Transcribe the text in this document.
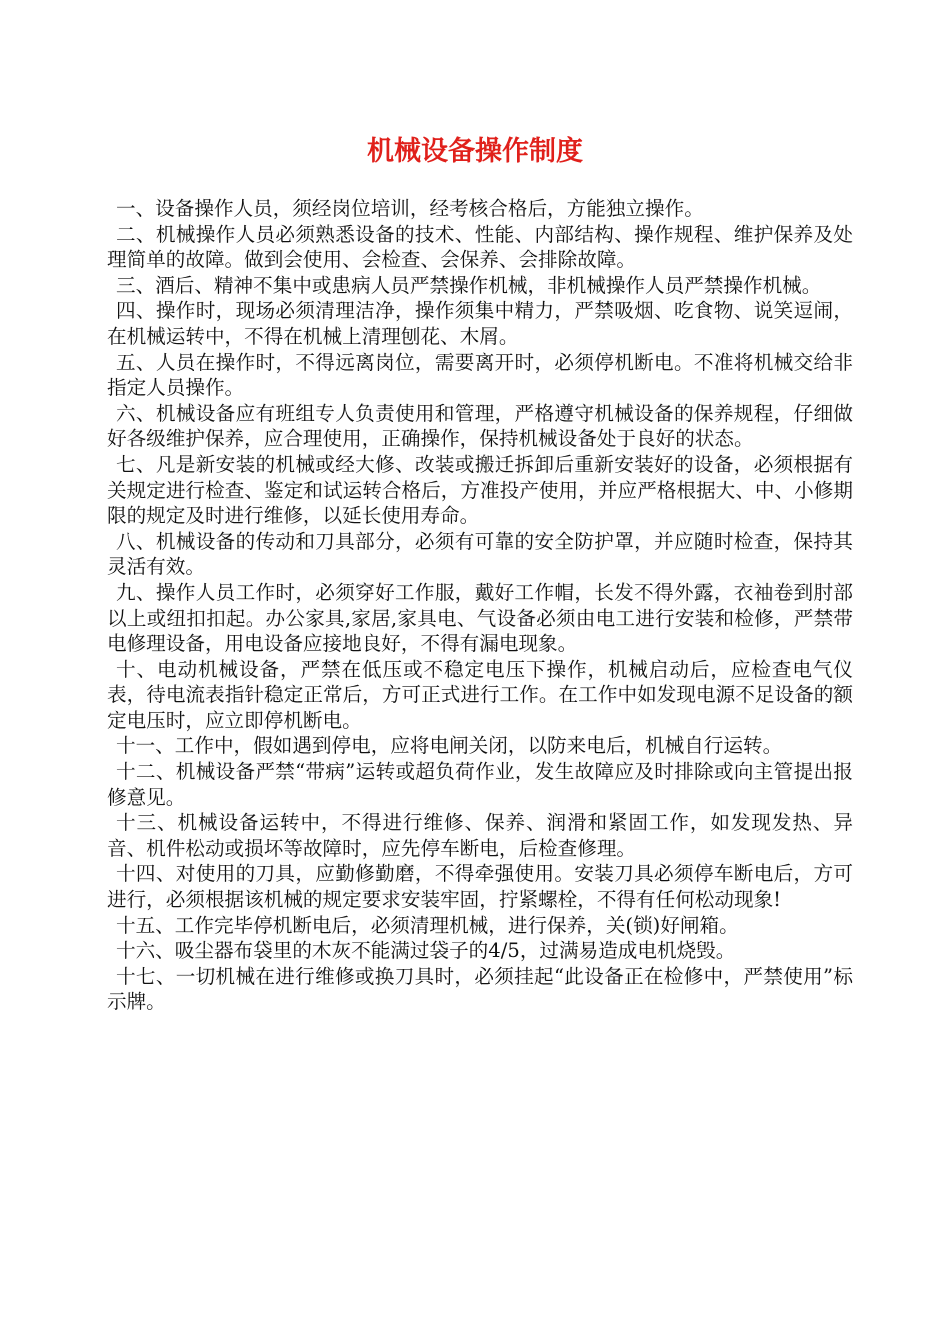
机械设备操作制度

一、设备操作人员，须经岗位培训，经考核合格后，方能独立操作。

二、机械操作人员必须熟悉设备的技术、性能、内部结构、操作规程、维护保养及处理简单的故障。做到会使用、会检查、会保养、会排除故障。

三、酒后、精神不集中或患病人员严禁操作机械，非机械操作人员严禁操作机械。

四、操作时，现场必须清理洁净，操作须集中精力，严禁吸烟、吃食物、说笑逗闹，在机械运转中，不得在机械上清理刨花、木屑。

五、人员在操作时，不得远离岗位，需要离开时，必须停机断电。不准将机械交给非指定人员操作。

六、机械设备应有班组专人负责使用和管理，严格遵守机械设备的保养规程，仔细做好各级维护保养，应合理使用，正确操作，保持机械设备处于良好的状态。

七、凡是新安装的机械或经大修、改装或搬迁拆卸后重新安装好的设备，必须根据有关规定进行检查、鉴定和试运转合格后，方准投产使用，并应严格根据大、中、小修期限的规定及时进行维修，以延长使用寿命。

八、机械设备的传动和刀具部分，必须有可靠的安全防护罩，并应随时检查，保持其灵活有效。

九、操作人员工作时，必须穿好工作服，戴好工作帽，长发不得外露，衣袖卷到肘部以上或纽扣扣起。办公家具,家居,家具电、气设备必须由电工进行安装和检修，严禁带电修理设备，用电设备应接地良好，不得有漏电现象。

十、电动机械设备，严禁在低压或不稳定电压下操作，机械启动后，应检查电气仪表，待电流表指针稳定正常后，方可正式进行工作。在工作中如发现电源不足设备的额定电压时，应立即停机断电。

十一、工作中，假如遇到停电，应将电闸关闭，以防来电后，机械自行运转。

十二、机械设备严禁“带病”运转或超负荷作业，发生故障应及时排除或向主管提出报修意见。

十三、机械设备运转中，不得进行维修、保养、润滑和紧固工作，如发现发热、异音、机件松动或损坏等故障时，应先停车断电，后检查修理。

十四、对使用的刀具，应勤修勤磨，不得牵强使用。安装刀具必须停车断电后，方可进行，必须根据该机械的规定要求安装牢固，拧紧螺栓，不得有任何松动现象!

十五、工作完毕停机断电后，必须清理机械，进行保养，关(锁)好闸箱。

十六、吸尘器布袋里的木灰不能满过袋子的4/5，过满易造成电机烧毁。

十七、一切机械在进行维修或换刀具时，必须挂起“此设备正在检修中，严禁使用”标示牌。
